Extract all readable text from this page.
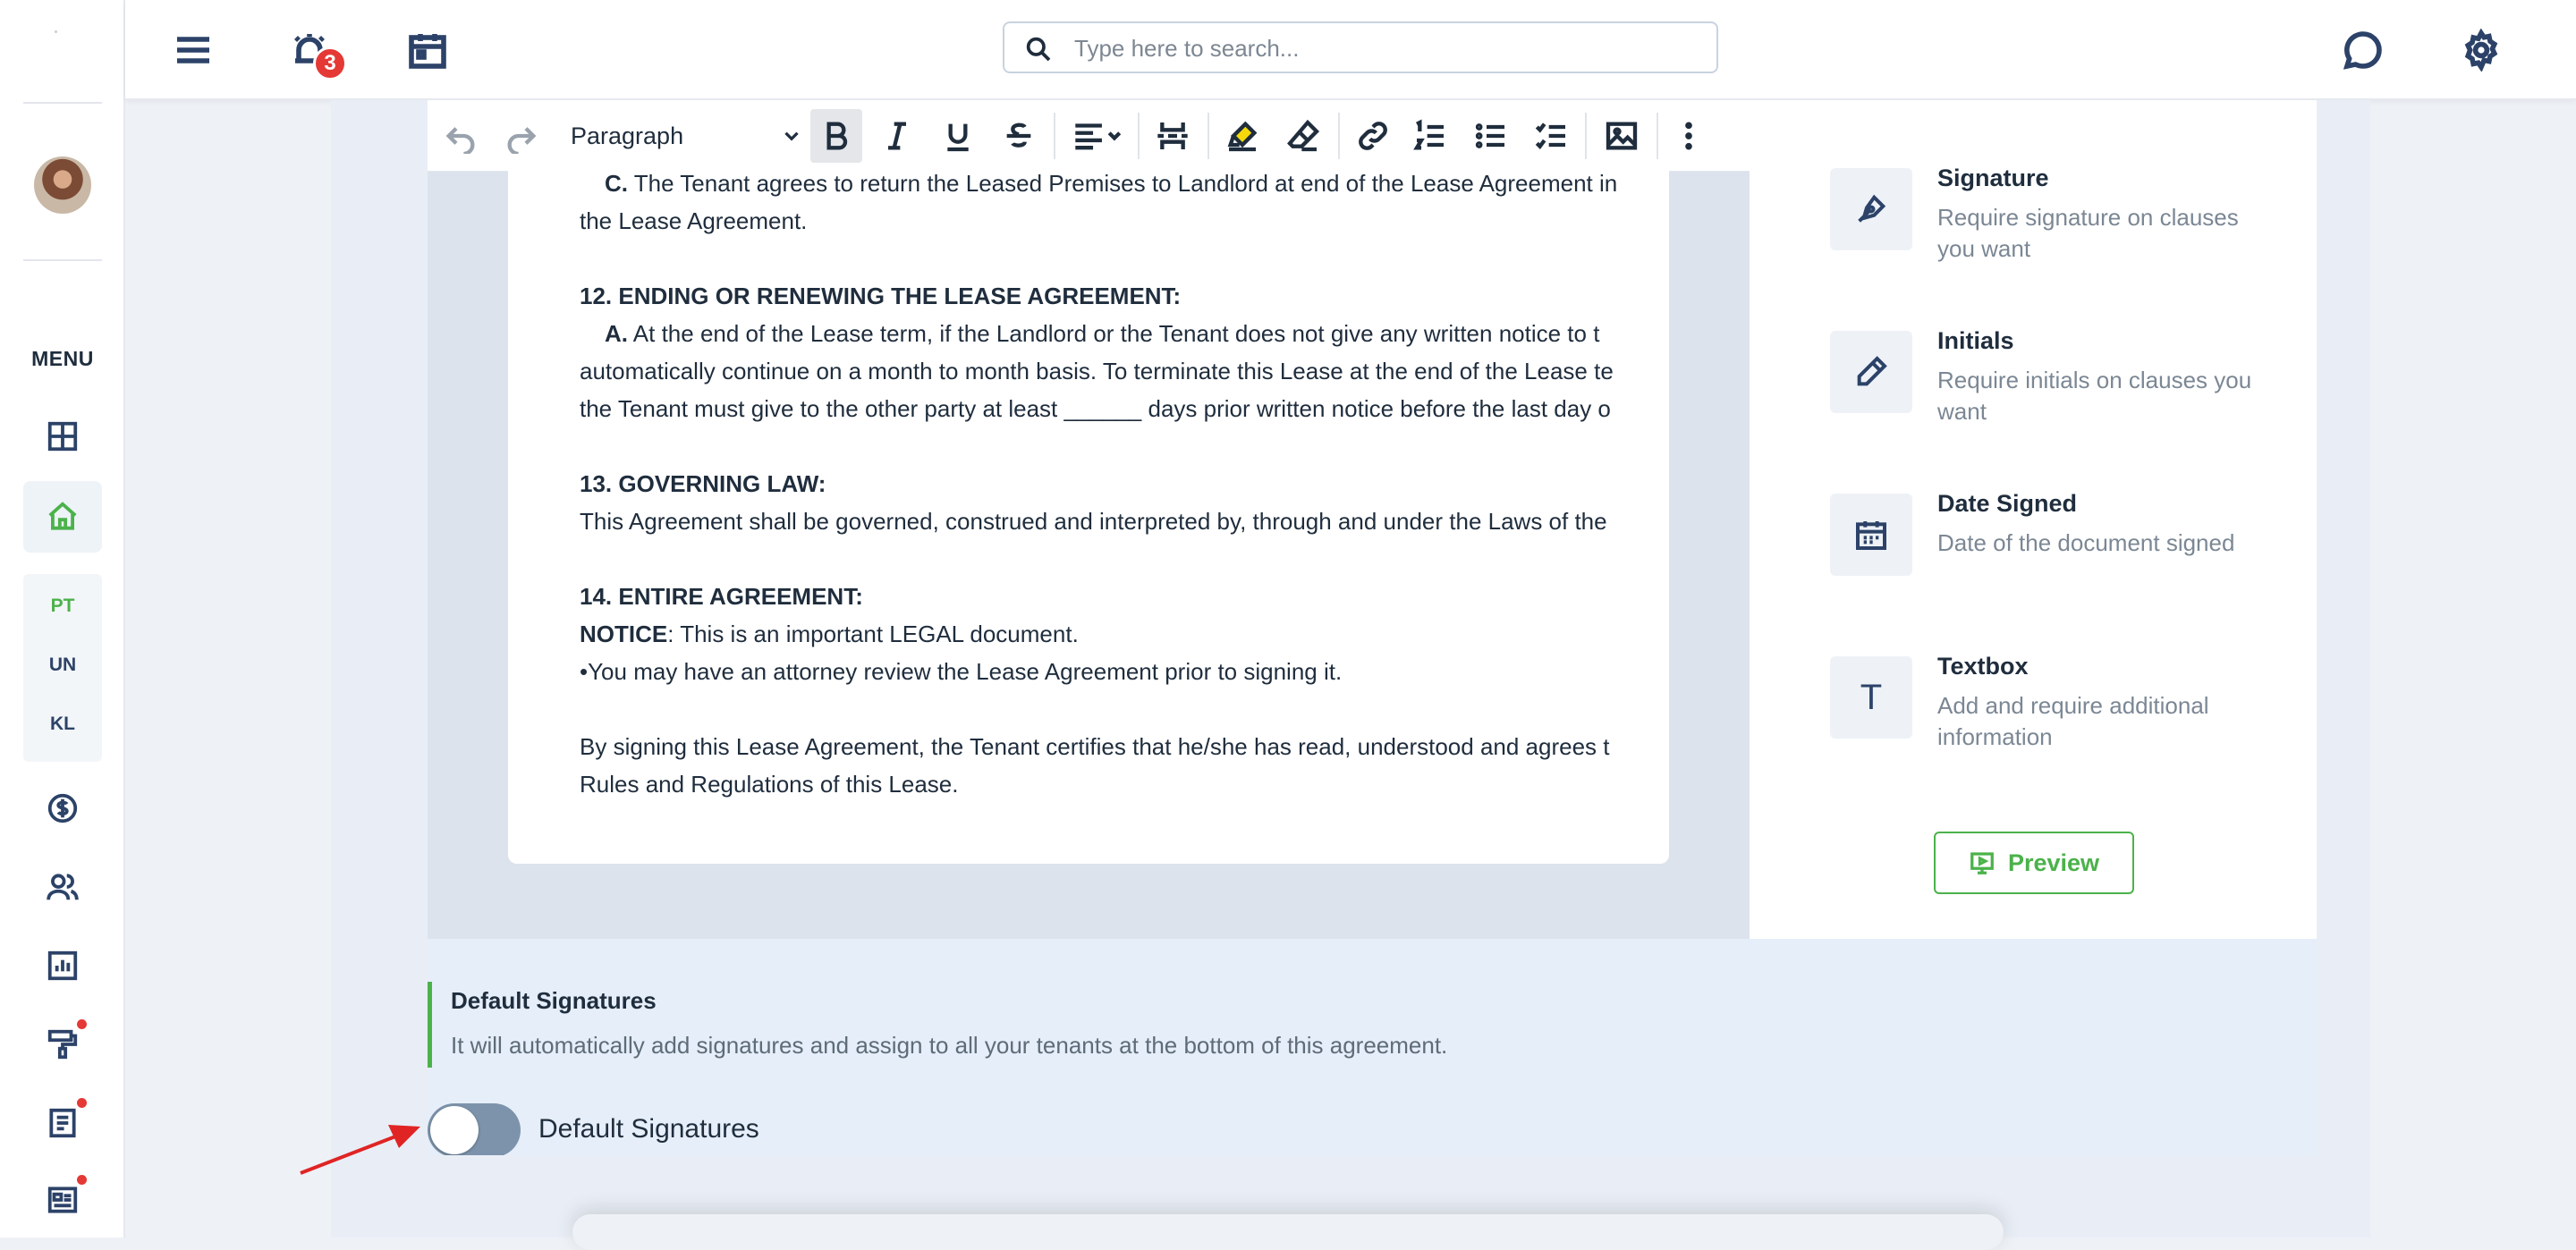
MENU
PT
UN
KL
3
Type here to search...
Paragraph
C. The Tenant agrees to return the Leased Premises to Landlord at end of the Lease Agreement in
the Lease Agreement.
12. ENDING OR RENEWING THE LEASE AGREEMENT:
A. At the end of the Lease term, if the Landlord or the Tenant does not give any written notice to t
automatically continue on a month to month basis. To terminate this Lease at the end of the Lease te
the Tenant must give to the other party at least ______ days prior written notice before the last day o
13. GOVERNING LAW:
This Agreement shall be governed, construed and interpreted by, through and under the Laws of the
14. ENTIRE AGREEMENT:
NOTICE: This is an important LEGAL document.
•You may have an attorney review the Lease Agreement prior to signing it.
By signing this Lease Agreement, the Tenant certifies that he/she has read, understood and agrees t
Rules and Regulations of this Lease.
Signature
Require signature on clauses you want
Initials
Require initials on clauses you want
Date Signed
Date of the document signed
T
Textbox
Add and require additional information
Preview
Default Signatures
It will automatically add signatures and assign to all your tenants at the bottom of this agreement.
Default Signatures
